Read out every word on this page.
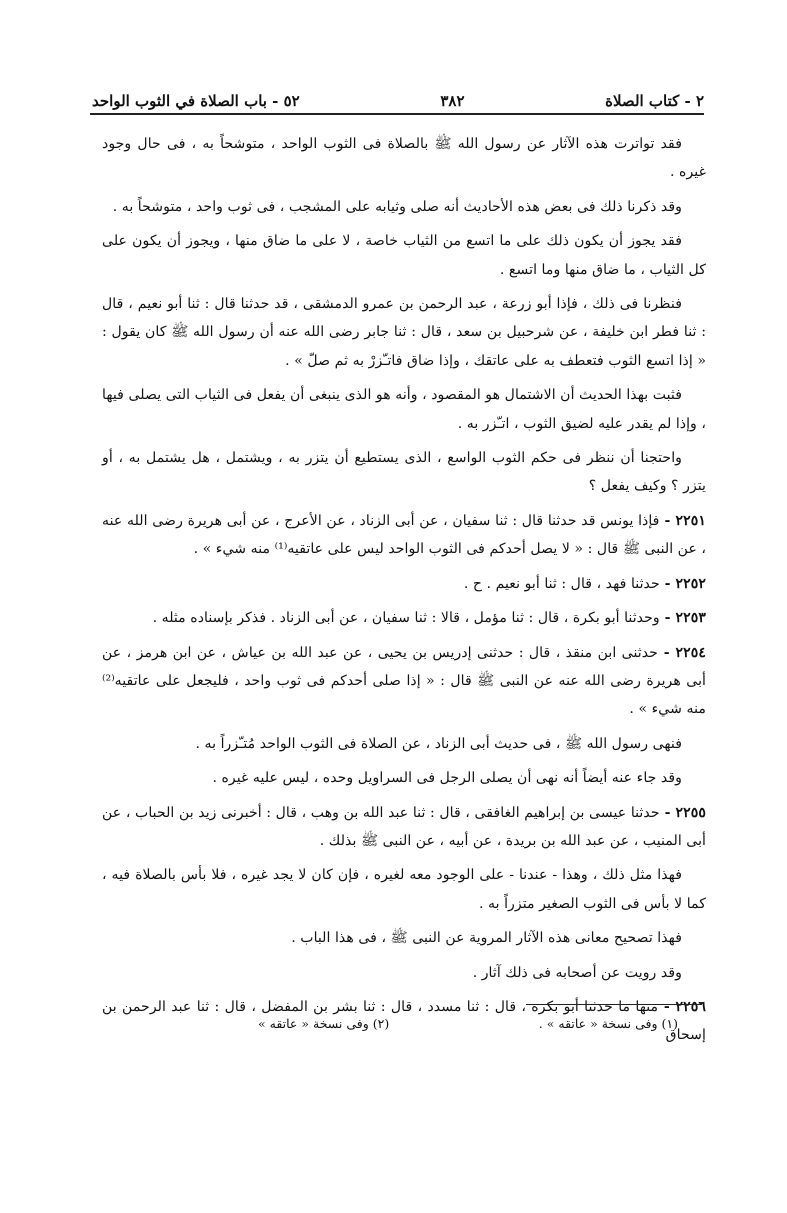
٢ - كتاب الصلاة
٣٨٢
٥٢ - باب الصلاة في الثوب الواحد

فقد تواترت هذه الآثار عن رسول الله ﷺ بالصلاة فى الثوب الواحد ، متوشحاً به ، فى حال وجود غيره .

وقد ذكرنا ذلك فى بعض هذه الأحاديث أنه صلى وثيابه على المشجب ، فى ثوب واحد ، متوشحاً به .

فقد يجوز أن يكون ذلك على ما اتسع من الثياب خاصة ، لا على ما ضاق منها ، ويجوز أن يكون على كل الثياب ، ما ضاق منها وما اتسع .

فنظرنا فى ذلك ، فإذا أبو زرعة ، عبد الرحمن بن عمرو الدمشقى ، قد حدثنا قال : ثنا أبو نعيم ، قال : ثنا فطر ابن خليفة ، عن شرحبيل بن سعد ، قال : ثنا جابر رضى الله عنه أن رسول الله ﷺ كان يقول : « إذا اتسع الثوب فتعطف به على عاتقك ، وإذا ضاق فاتـّزرْ به ثم صلّ » .

فثبت بهذا الحديث أن الاشتمال هو المقصود ، وأنه هو الذى ينبغى أن يفعل فى الثياب التى يصلى فيها ، وإذا لم يقدر عليه لضيق الثوب ، اتـّزر به .

واحتجنا أن ننظر فى حكم الثوب الواسع ، الذى يستطيع أن يتزر به ، ويشتمل ، هل يشتمل به ، أو يتزر ؟ وكيف يفعل ؟

٢٢٥١ - فإذا يونس قد حدثنا قال : ثنا سفيان ، عن أبى الزناد ، عن الأعرج ، عن أبى هريرة رضى الله عنه ، عن النبى ﷺ قال : « لا يصل أحدكم فى الثوب الواحد ليس على عاتقيه⁽¹⁾ منه شيء » .

٢٢٥٢ - حدثنا فهد ، قال : ثنا أبو نعيم . ح .

٢٢٥٣ - وحدثنا أبو بكرة ، قال : ثنا مؤمل ، قالا : ثنا سفيان ، عن أبى الزناد . فذكر بإسناده مثله .

٢٢٥٤ - حدثنى ابن منقذ ، قال : حدثنى إدريس بن يحيى ، عن عبد الله بن عياش ، عن ابن هرمز ، عن أبى هريرة رضى الله عنه عن النبى ﷺ قال : « إذا صلى أحدكم فى ثوب واحد ، فليجعل على عاتقيه⁽²⁾ منه شيء » .

فنهى رسول الله ﷺ ، فى حديث أبى الزناد ، عن الصلاة فى الثوب الواحد مُتـّزراً به .

وقد جاء عنه أيضاً أنه نهى أن يصلى الرجل فى السراويل وحده ، ليس عليه غيره .

٢٢٥٥ - حدثنا عيسى بن إبراهيم الغافقى ، قال : ثنا عبد الله بن وهب ، قال : أخبرنى زيد بن الحباب ، عن أبى المنيب ، عن عبد الله بن بريدة ، عن أبيه ، عن النبى ﷺ بذلك .

فهذا مثل ذلك ، وهذا - عندنا - على الوجود معه لغيره ، فإن كان لا يجد غيره ، فلا بأس بالصلاة فيه ، كما لا بأس فى الثوب الصغير متزراً به .

فهذا تصحيح معانى هذه الآثار المروية عن النبى ﷺ ، فى هذا الباب .

وقد رويت عن أصحابه فى ذلك آثار .

٢٢٥٦ - منها ما حدثنا أبو بكرة ، قال : ثنا مسدد ، قال : ثنا بشر بن المفضل ، قال : ثنا عبد الرحمن بن إسحاق

(١) وفى نسخة « عاتقه » .
(٢) وفى نسخة « عاتقه »
